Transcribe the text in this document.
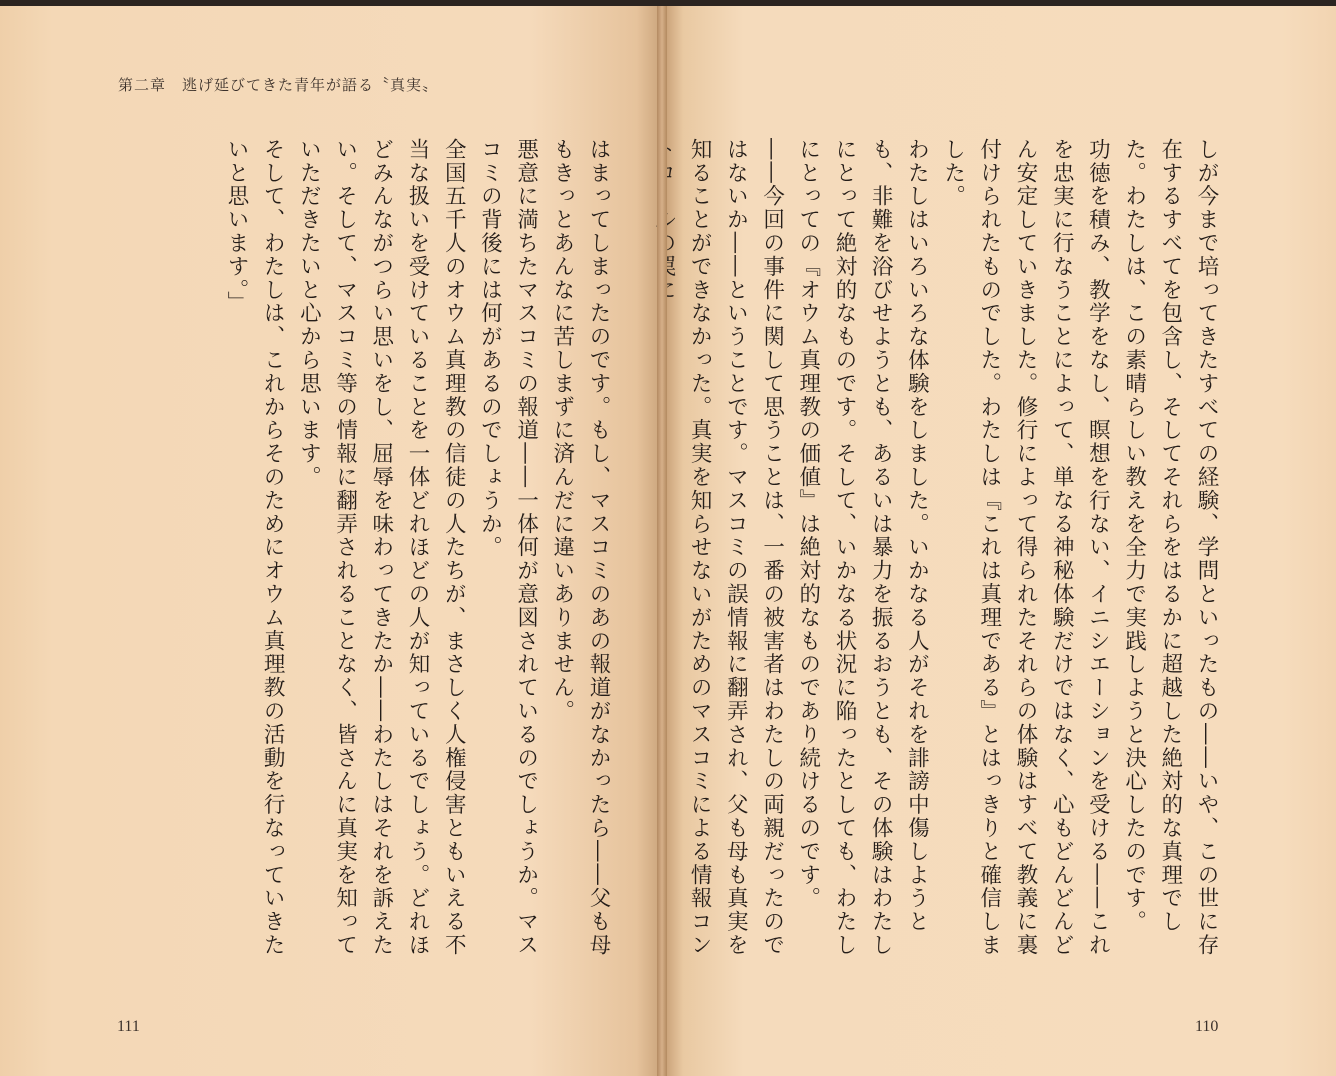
第二章 逃げ延びてきた青年が語る〝真実〟

はまってしまったのです。もし、マスコミのあの報道がなかったら――父も母もきっとあんなに苦しまずに済んだに違いありません。

悪意に満ちたマスコミの報道――一体何が意図されているのでしょうか。マスコミの背後には何があるのでしょうか。

全国五千人のオウム真理教の信徒の人たちが、まさしく人権侵害ともいえる不当な扱いを受けていることを一体どれほどの人が知っているでしょう。どれほどみんながつらい思いをし、屈辱を味わってきたか――わたしはそれを訴えたい。そして、マスコミ等の情報に翻弄されることなく、皆さんに真実を知っていただきたいと心から思います。

そして、わたしは、これからそのためにオウム真理教の活動を行なっていきたいと思います。」

111

しが今まで培ってきたすべての経験、学問といったもの――いや、この世に存在するすべてを包含し、そしてそれらをはるかに超越した絶対的な真理でした。わたしは、この素晴らしい教えを全力で実践しようと決心したのです。

功徳を積み、教学をなし、瞑想を行ない、イニシエーションを受ける――これを忠実に行なうことによって、単なる神秘体験だけではなく、心もどんどんどん安定していきました。修行によって得られたそれらの体験はすべて教義に裏付けられたものでした。わたしは『これは真理である』とはっきりと確信しました。

わたしはいろいろな体験をしました。いかなる人がそれを誹謗中傷しようとも、非難を浴びせようとも、あるいは暴力を振るおうとも、その体験はわたしにとって絶対的なものです。そして、いかなる状況に陥ったとしても、わたしにとっての『オウム真理教の価値』は絶対的なものであり続けるのです。

――今回の事件に関して思うことは、一番の被害者はわたしの両親だったのではないか――ということです。マスコミの誤情報に翻弄され、父も母も真実を知ることができなかった。真実を知らせないがためのマスコミによる情報コン

110
